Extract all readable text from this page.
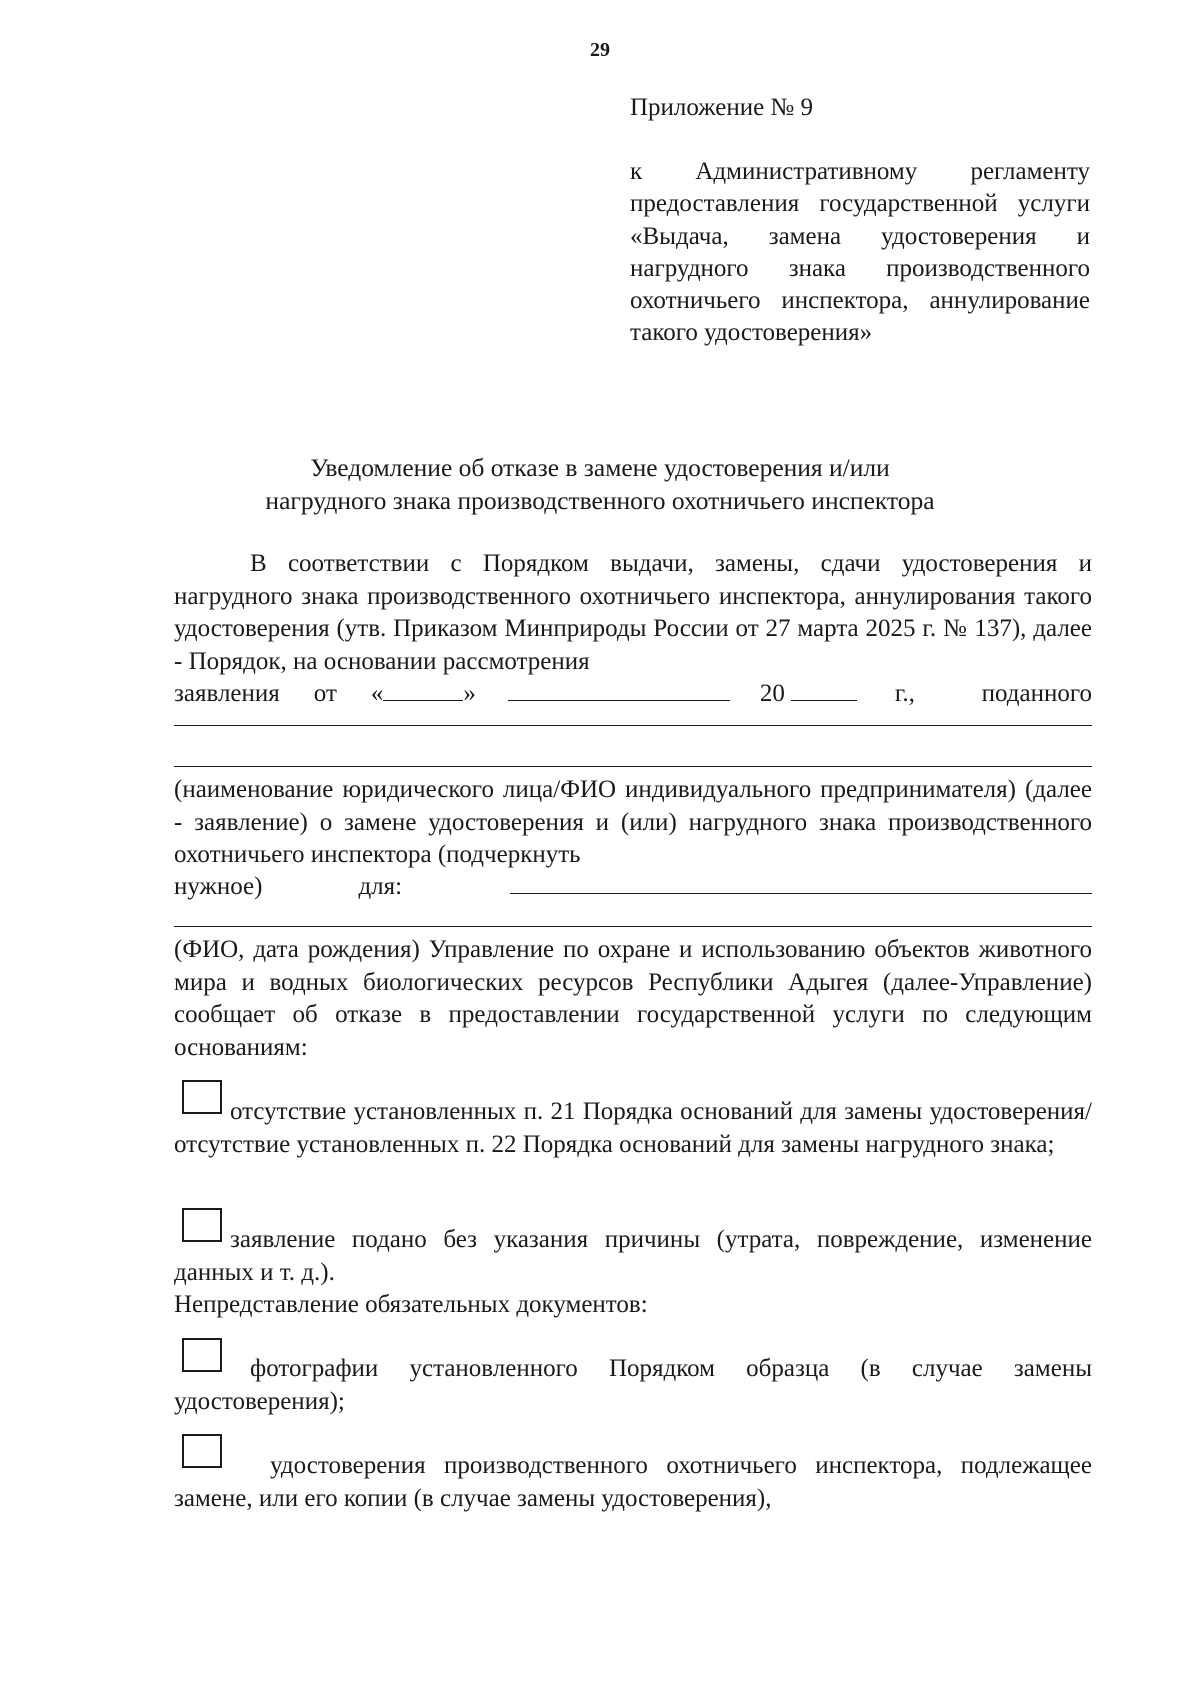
29

Приложение № 9

к Административному регламенту предоставления государственной услуги «Выдача, замена удостоверения и нагрудного знака производственного охотничьего инспектора, аннулирование такого удостоверения»

Уведомление об отказе в замене удостоверения и/или
нагрудного знака производственного охотничьего инспектора

В соответствии с Порядком выдачи, замены, сдачи удостоверения и нагрудного знака производственного охотничьего инспектора, аннулирования такого удостоверения (утв. Приказом Минприроды России от 27 марта 2025 г. № 137), далее - Порядок, на основании рассмотрения

заявления от «	»	20	г.,	поданного

(наименование юридического лица/ФИО индивидуального предпринимателя) (далее - заявление) о замене удостоверения и (или) нагрудного знака производственного охотничьего инспектора (подчеркнуть

нужное)	для:

(ФИО, дата рождения) Управление по охране и использованию объектов животного мира и водных биологических ресурсов Республики Адыгея (далее-Управление) сообщает об отказе в предоставлении государственной услуги по следующим основаниям:

отсутствие установленных п. 21 Порядка оснований для замены удостоверения/ отсутствие установленных п. 22 Порядка оснований для замены нагрудного знака;

заявление подано без указания причины (утрата, повреждение, изменение данных и т. д.).

Непредставление обязательных документов:

фотографии установленного Порядком образца (в случае замены удостоверения);

удостоверения производственного охотничьего инспектора, подлежащее замене, или его копии (в случае замены удостоверения),
